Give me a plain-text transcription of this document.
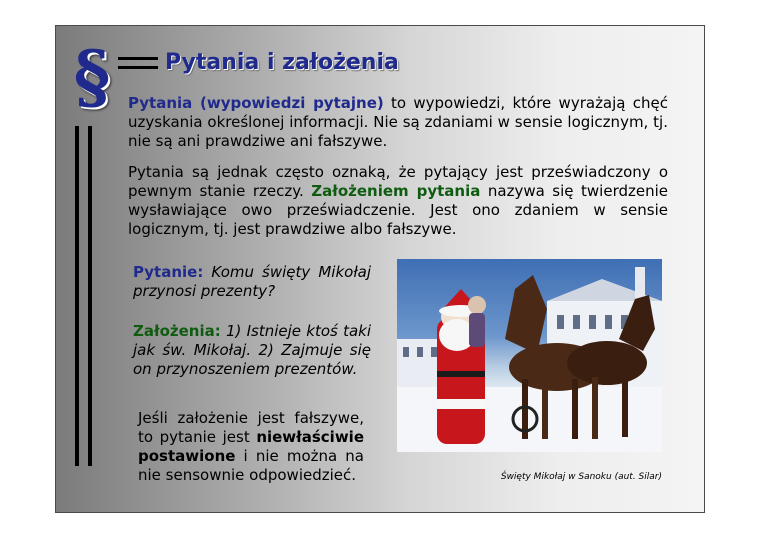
§ Pytania i założenia

Pytania (wypowiedzi pytajne) to wypowiedzi, które wyrażają chęć uzyskania określonej informacji. Nie są zdaniami w sensie logicznym, tj. nie są ani prawdziwe ani fałszywe.

Pytania są jednak często oznaką, że pytający jest przeświadczony o pewnym stanie rzeczy. Założeniem pytania nazywa się twierdzenie wysławiające owo przeświadczenie. Jest ono zdaniem w sensie logicznym, tj. jest prawdziwe albo fałszywe.

Pytanie: Komu święty Mikołaj przynosi prezenty?

Założenia: 1) Istnieje ktoś taki jak św. Mikołaj. 2) Zajmuje się on przynoszeniem prezentów.

Jeśli założenie jest fałszywe, to pytanie jest niewłaściwie postawione i nie można na nie sensownie odpowiedzieć.	Święty Mikołaj w Sanoku (aut. Silar)
